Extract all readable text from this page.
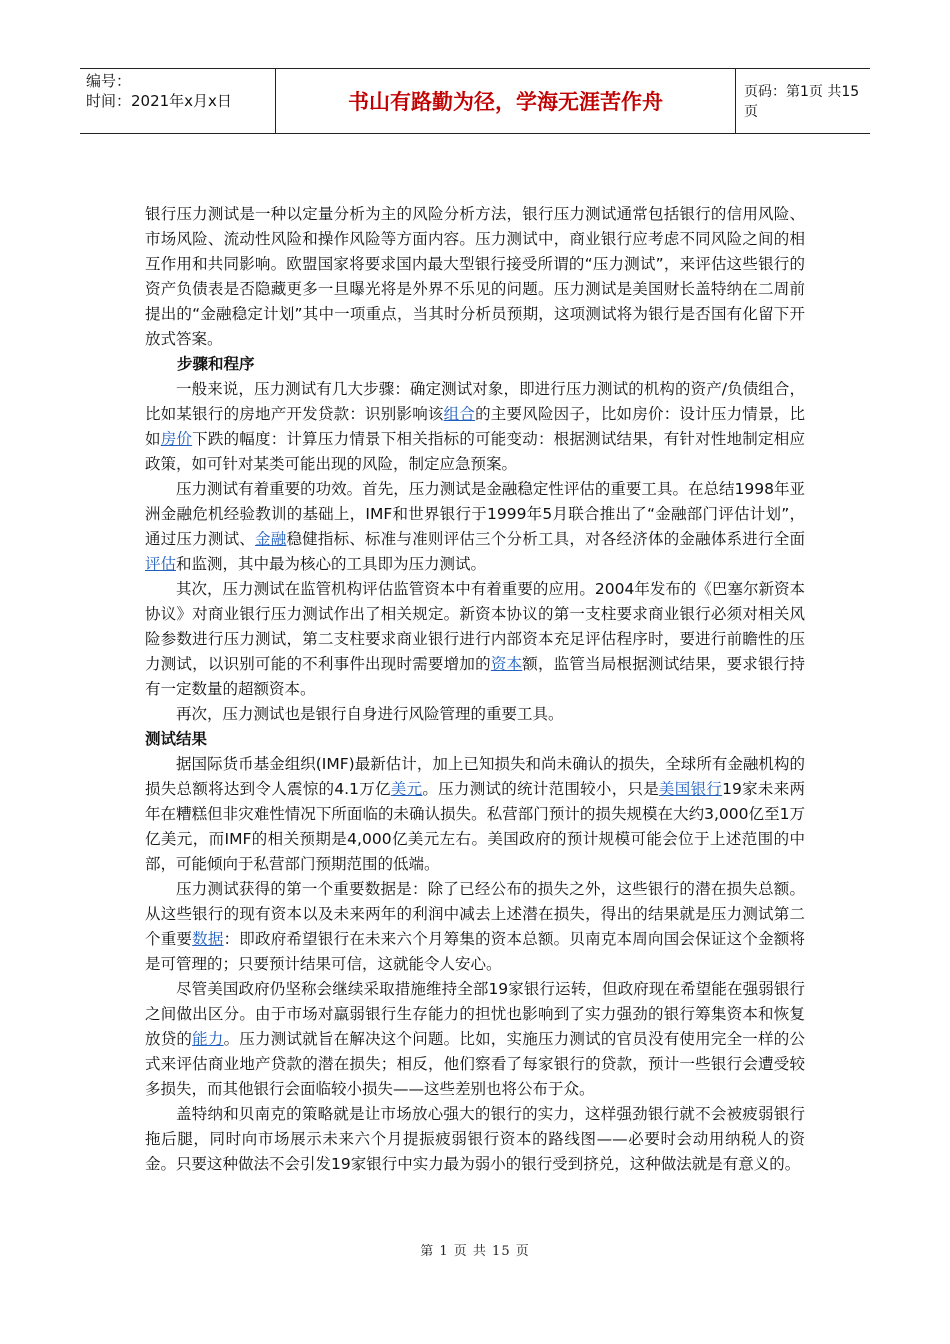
编号：
时间：2021年x月x日	书山有路勤为径，学海无涯苦作舟	页码：第1页 共15页

银行压力测试是一种以定量分析为主的风险分析方法，银行压力测试通常包括银行的信用风险、市场风险、流动性风险和操作风险等方面内容。压力测试中，商业银行应考虑不同风险之间的相互作用和共同影响。欧盟国家将要求国内最大型银行接受所谓的“压力测试”，来评估这些银行的资产负债表是否隐藏更多一旦曝光将是外界不乐见的问题。压力测试是美国财长盖特纳在二周前提出的“金融稳定计划”其中一项重点，当其时分析员预期，这项测试将为银行是否国有化留下开放式答案。

步骤和程序

一般来说，压力测试有几大步骤：确定测试对象，即进行压力测试的机构的资产/负债组合，比如某银行的房地产开发贷款：识别影响该组合的主要风险因子，比如房价：设计压力情景，比如房价下跌的幅度：计算压力情景下相关指标的可能变动：根据测试结果，有针对性地制定相应政策，如可针对某类可能出现的风险，制定应急预案。

压力测试有着重要的功效。首先，压力测试是金融稳定性评估的重要工具。在总结1998年亚洲金融危机经验教训的基础上，IMF和世界银行于1999年5月联合推出了“金融部门评估计划”，通过压力测试、金融稳健指标、标准与准则评估三个分析工具，对各经济体的金融体系进行全面评估和监测，其中最为核心的工具即为压力测试。

其次，压力测试在监管机构评估监管资本中有着重要的应用。2004年发布的《巴塞尔新资本协议》对商业银行压力测试作出了相关规定。新资本协议的第一支柱要求商业银行必须对相关风险参数进行压力测试，第二支柱要求商业银行进行内部资本充足评估程序时，要进行前瞻性的压力测试，以识别可能的不利事件出现时需要增加的资本额，监管当局根据测试结果，要求银行持有一定数量的超额资本。

再次，压力测试也是银行自身进行风险管理的重要工具。

测试结果

据国际货币基金组织(IMF)最新估计，加上已知损失和尚未确认的损失，全球所有金融机构的损失总额将达到令人震惊的4.1万亿美元。压力测试的统计范围较小，只是美国银行19家未来两年在糟糕但非灾难性情况下所面临的未确认损失。私营部门预计的损失规模在大约3,000亿至1万亿美元，而IMF的相关预期是4,000亿美元左右。美国政府的预计规模可能会位于上述范围的中部，可能倾向于私营部门预期范围的低端。

压力测试获得的第一个重要数据是：除了已经公布的损失之外，这些银行的潜在损失总额。从这些银行的现有资本以及未来两年的利润中减去上述潜在损失，得出的结果就是压力测试第二个重要数据：即政府希望银行在未来六个月筹集的资本总额。贝南克本周向国会保证这个金额将是可管理的；只要预计结果可信，这就能令人安心。

尽管美国政府仍坚称会继续采取措施维持全部19家银行运转，但政府现在希望能在强弱银行之间做出区分。由于市场对羸弱银行生存能力的担忧也影响到了实力强劲的银行筹集资本和恢复放贷的能力。压力测试就旨在解决这个问题。比如，实施压力测试的官员没有使用完全一样的公式来评估商业地产贷款的潜在损失；相反，他们察看了每家银行的贷款，预计一些银行会遭受较多损失，而其他银行会面临较小损失——这些差别也将公布于众。

盖特纳和贝南克的策略就是让市场放心强大的银行的实力，这样强劲银行就不会被疲弱银行拖后腿，同时向市场展示未来六个月提振疲弱银行资本的路线图——必要时会动用纳税人的资金。只要这种做法不会引发19家银行中实力最为弱小的银行受到挤兑，这种做法就是有意义的。

第 1 页 共 15 页
